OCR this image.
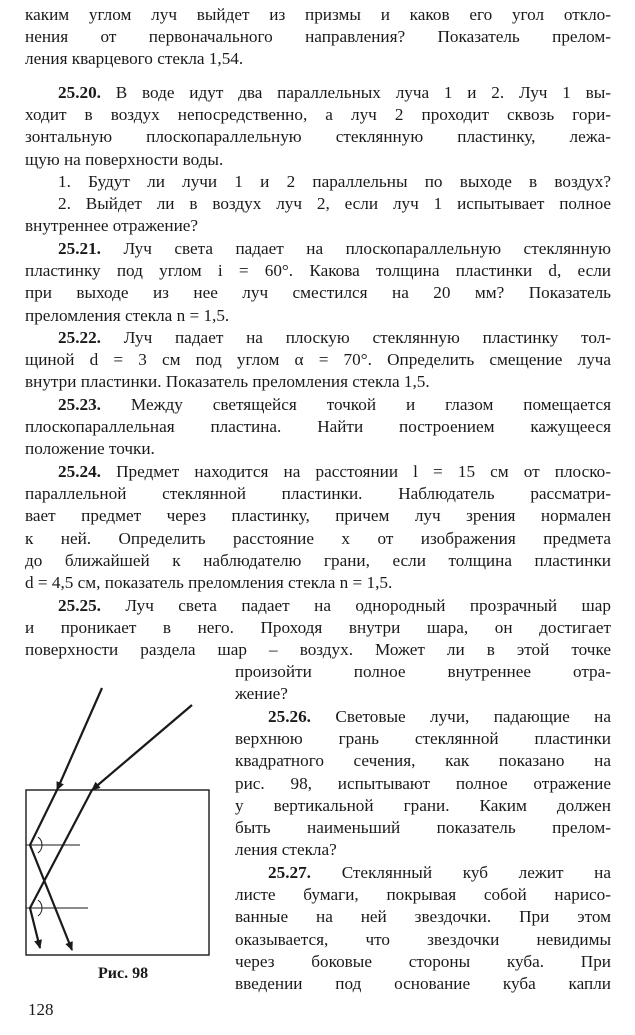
каким углом луч выйдет из призмы и каков его угол откло-
нения от первоначального направления? Показатель прелом-
ления кварцевого стекла 1,54.
25.20. В воде идут два параллельных луча 1 и 2. Луч 1 вы-
ходит в воздух непосредственно, а луч 2 проходит сквозь гори-
зонтальную плоскопараллельную стеклянную пластинку, лежа-
щую на поверхности воды.
1. Будут ли лучи 1 и 2 параллельны по выходе в воздух?
2. Выйдет ли в воздух луч 2, если луч 1 испытывает полное
внутреннее отражение?
25.21. Луч света падает на плоскопараллельную стеклянную
пластинку под углом i = 60°. Какова толщина пластинки d, если
при выходе из нее луч сместился на 20 мм? Показатель
преломления стекла n = 1,5.
25.22. Луч падает на плоскую стеклянную пластинку тол-
щиной d = 3 см под углом α = 70°. Определить смещение луча
внутри пластинки. Показатель преломления стекла 1,5.
25.23. Между светящейся точкой и глазом помещается
плоскопараллельная пластина. Найти построением кажущееся
положение точки.
25.24. Предмет находится на расстоянии l = 15 см от плоско-
параллельной стеклянной пластинки. Наблюдатель рассматри-
вает предмет через пластинку, причем луч зрения нормален
к ней. Определить расстояние x от изображения предмета
до ближайшей к наблюдателю грани, если толщина пластинки
d = 4,5 см, показатель преломления стекла n = 1,5.
25.25. Луч света падает на однородный прозрачный шар
и проникает в него. Проходя внутри шара, он достигает
поверхности раздела шар – воздух. Может ли в этой точке
произойти полное внутреннее отра-
жение?
25.26. Световые лучи, падающие на
верхнюю грань стеклянной пластинки
квадратного сечения, как показано на
рис. 98, испытывают полное отражение
у вертикальной грани. Каким должен
быть наименьший показатель прелом-
ления стекла?
25.27. Стеклянный куб лежит на
листе бумаги, покрывая собой нарисо-
ванные на ней звездочки. При этом
оказывается, что звездочки невидимы
через боковые стороны куба. При
введении под основание куба капли
Рис. 98
128
